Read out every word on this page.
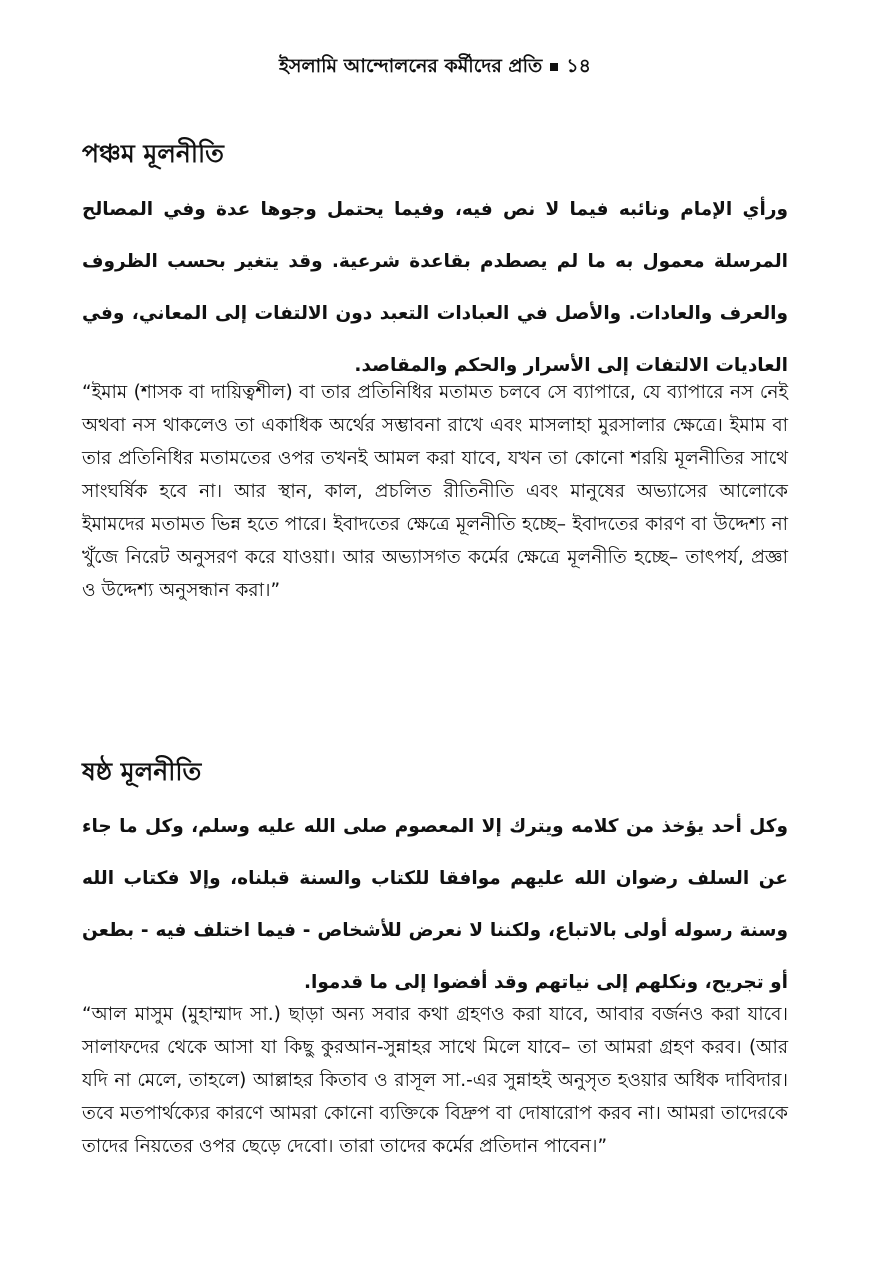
ইসলামি আন্দোলনের কর্মীদের প্রতি ১৪
পঞ্চম মূলনীতি
ورأي الإمام ونائبه فيما لا نص فيه، وفيما يحتمل وجوها عدة وفي المصالح المرسلة معمول به ما لم يصطدم بقاعدة شرعية. وقد يتغير بحسب الظروف والعرف والعادات. والأصل في العبادات التعبد دون الالتفات إلى المعاني، وفي العاديات الالتفات إلى الأسرار والحكم والمقاصد.
“ইমাম (শাসক বা দায়িত্বশীল) বা তার প্রতিনিধির মতামত চলবে সে ব্যাপারে, যে ব্যাপারে নস নেই অথবা নস থাকলেও তা একাধিক অর্থের সম্ভাবনা রাখে এবং মাসলাহা মুরসালার ক্ষেত্রে। ইমাম বা তার প্রতিনিধির মতামতের ওপর তখনই আমল করা যাবে, যখন তা কোনো শরয়ি মূলনীতির সাথে সাংঘর্ষিক হবে না। আর স্থান, কাল, প্রচলিত রীতিনীতি এবং মানুষের অভ্যাসের আলোকে ইমামদের মতামত ভিন্ন হতে পারে। ইবাদতের ক্ষেত্রে মূলনীতি হচ্ছে– ইবাদতের কারণ বা উদ্দেশ্য না খুঁজে নিরেট অনুসরণ করে যাওয়া। আর অভ্যাসগত কর্মের ক্ষেত্রে মূলনীতি হচ্ছে– তাৎপর্য, প্রজ্ঞা ও উদ্দেশ্য অনুসন্ধান করা।”
ষষ্ঠ মূলনীতি
وكل أحد يؤخذ من كلامه ويترك إلا المعصوم صلى الله عليه وسلم، وكل ما جاء عن السلف رضوان الله عليهم موافقا للكتاب والسنة قبلناه، وإلا فكتاب الله وسنة رسوله أولى بالاتباع، ولكننا لا نعرض للأشخاص - فيما اختلف فيه - بطعن أو تجريح، ونكلهم إلى نياتهم وقد أفضوا إلى ما قدموا.
“আল মাসুম (মুহাম্মাদ সা.) ছাড়া অন্য সবার কথা গ্রহণও করা যাবে, আবার বর্জনও করা যাবে। সালাফদের থেকে আসা যা কিছু কুরআন-সুন্নাহর সাথে মিলে যাবে– তা আমরা গ্রহণ করব। (আর যদি না মেলে, তাহলে) আল্লাহর কিতাব ও রাসূল সা.-এর সুন্নাহই অনুসৃত হওয়ার অধিক দাবিদার। তবে মতপার্থক্যের কারণে আমরা কোনো ব্যক্তিকে বিদ্রুপ বা দোষারোপ করব না। আমরা তাদেরকে তাদের নিয়তের ওপর ছেড়ে দেবো। তারা তাদের কর্মের প্রতিদান পাবেন।”
